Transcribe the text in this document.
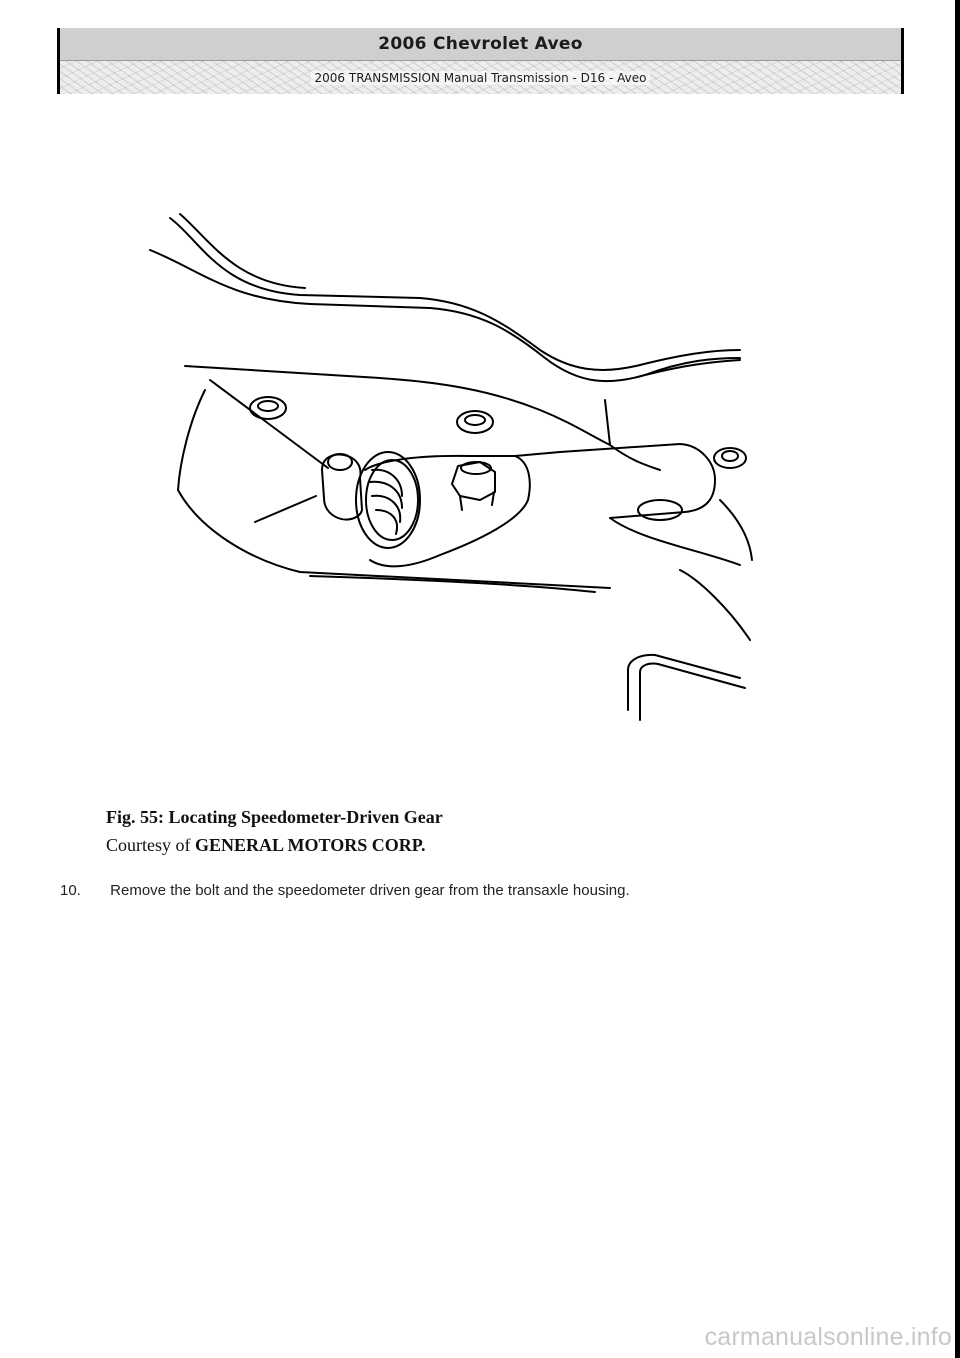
2006 Chevrolet Aveo
2006 TRANSMISSION Manual Transmission - D16 - Aveo
Fig. 55: Locating Speedometer-Driven Gear
Courtesy of GENERAL MOTORS CORP.
10. Remove the bolt and the speedometer driven gear from the transaxle housing.
carmanualsonline.info
